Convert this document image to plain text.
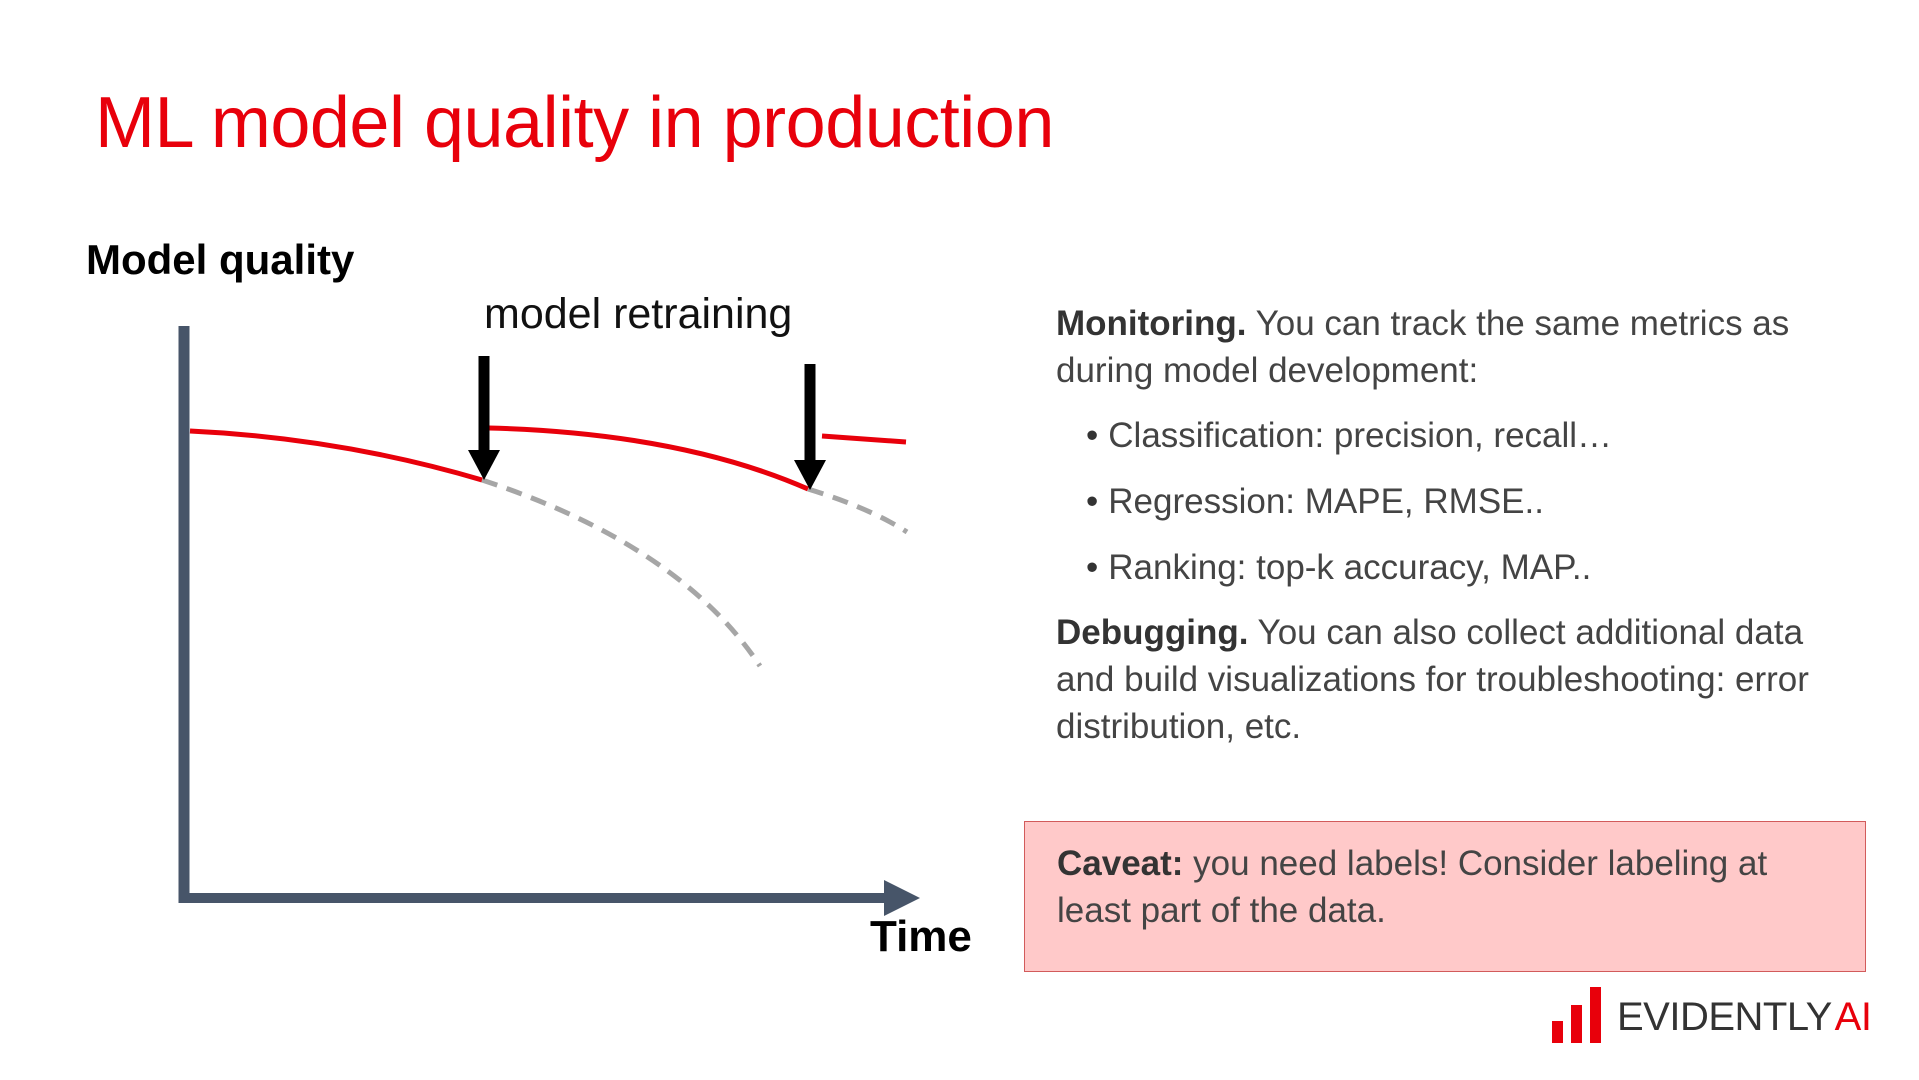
ML model quality in production
Model quality
model retraining
Time

Monitoring. You can track the same metrics as during model development:

• Classification: precision, recall…
• Regression: MAPE, RMSE..
• Ranking: top-k accuracy, MAP..

Debugging. You can also collect additional data and build visualizations for troubleshooting: error distribution, etc.

Caveat: you need labels! Consider labeling at least part of the data.
EVIDENTLY AI
